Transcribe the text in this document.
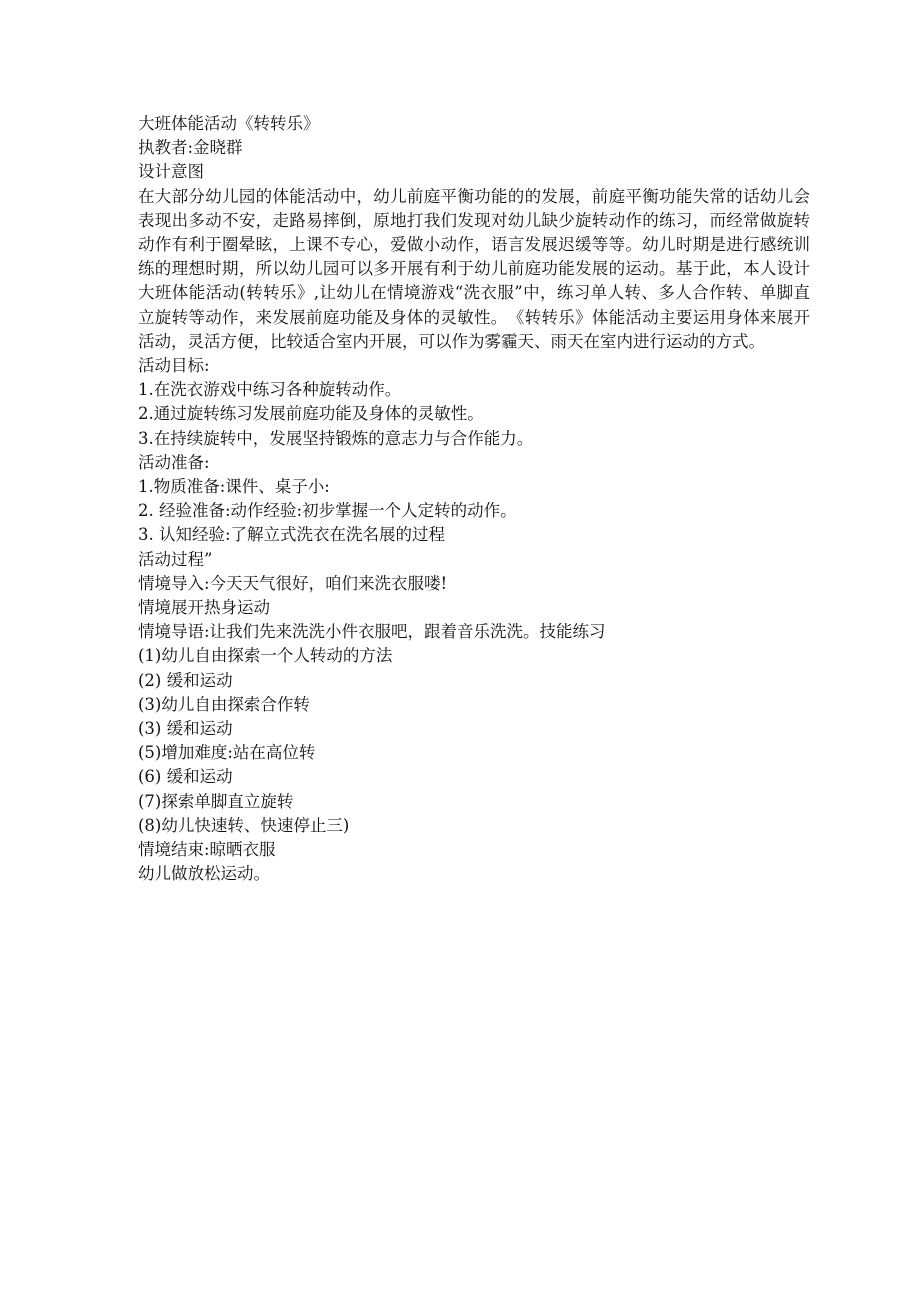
大班体能活动《转转乐》

执教者:金晓群

设计意图

在大部分幼儿园的体能活动中，幼儿前庭平衡功能的的发展，前庭平衡功能失常的话幼儿会表现出多动不安，走路易摔倒，原地打我们发现对幼儿缺少旋转动作的练习，而经常做旋转动作有利于圈晕眩，上课不专心，爱做小动作，语言发展迟缓等等。幼儿时期是进行感统训练的理想时期，所以幼儿园可以多开展有利于幼儿前庭功能发展的运动。基于此，本人设计大班体能活动(转转乐》,让幼儿在情境游戏“洗衣服”中，练习单人转、多人合作转、单脚直立旋转等动作，来发展前庭功能及身体的灵敏性。　《转转乐》体能活动主要运用身体来展开活动，灵活方便，比较适合室内开展，可以作为雾霾天、雨天在室内进行运动的方式。

活动目标:

1.在洗衣游戏中练习各种旋转动作。

2.通过旋转练习发展前庭功能及身体的灵敏性。

3.在持续旋转中，发展坚持锻炼的意志力与合作能力。

活动准备:

1.物质准备:课件、桌子小:

2. 经验准备:动作经验:初步掌握一个人定转的动作。

3. 认知经验:了解立式洗衣在洗名展的过程

活动过程”

情境导入:今天天气很好，咱们来洗衣服喽!

情境展开热身运动

情境导语:让我们先来洗洗小件衣服吧，跟着音乐洗洗。技能练习

(1)幼儿自由探索一个人转动的方法

(2) 缓和运动

(3)幼儿自由探索合作转

(3) 缓和运动

(5)增加难度:站在高位转

(6) 缓和运动

(7)探索单脚直立旋转

(8)幼儿快速转、快速停止三)

情境结束:晾晒衣服

幼儿做放松运动。
